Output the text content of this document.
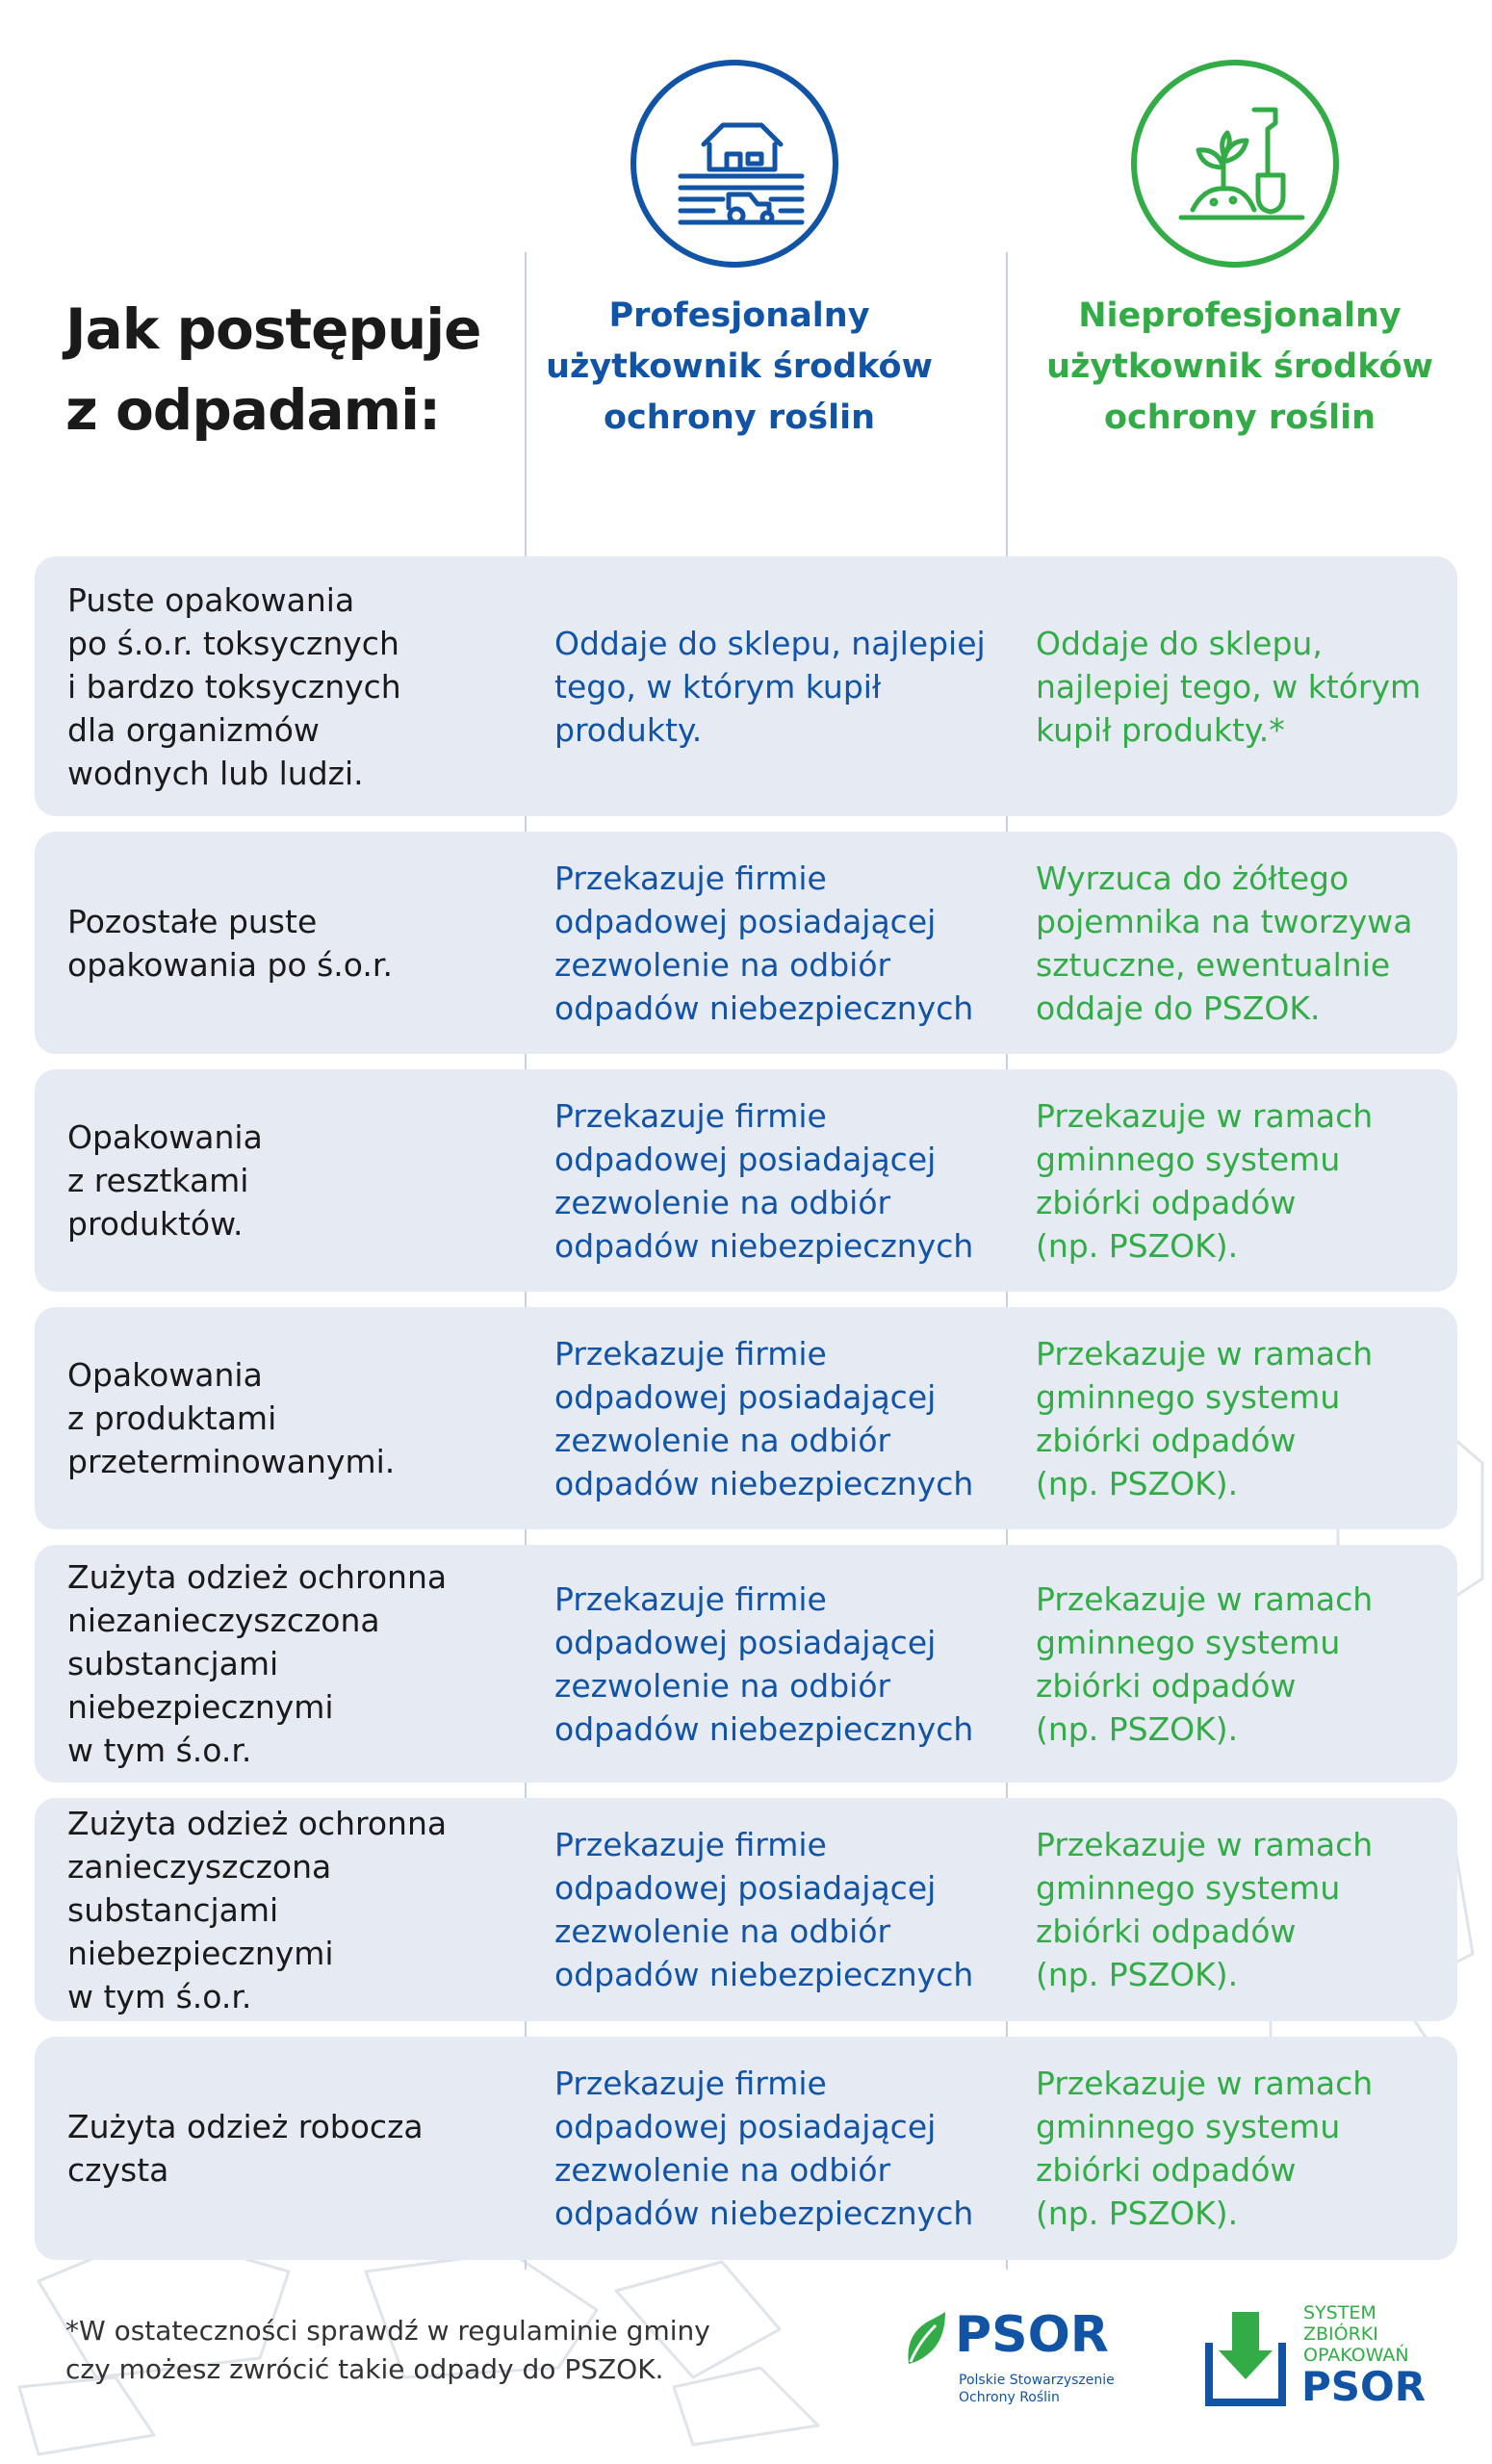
Jak postępuje
z odpadami:
Profesjonalny
użytkownik środków
ochrony roślin
Nieprofesjonalny
użytkownik środków
ochrony roślin
Puste opakowania
po ś.o.r. toksycznych
i bardzo toksycznych
dla organizmów
wodnych lub ludzi.
Oddaje do sklepu, najlepiej
tego, w którym kupił
produkty.
Oddaje do sklepu,
najlepiej tego, w którym
kupił produkty.*
Pozostałe puste
opakowania po ś.o.r.
Przekazuje firmie
odpadowej posiadającej
zezwolenie na odbiór
odpadów niebezpiecznych
Wyrzuca do żółtego
pojemnika na tworzywa
sztuczne, ewentualnie
oddaje do PSZOK.
Opakowania
z resztkami
produktów.
Przekazuje firmie
odpadowej posiadającej
zezwolenie na odbiór
odpadów niebezpiecznych
Przekazuje w ramach
gminnego systemu
zbiórki odpadów
(np. PSZOK).
Opakowania
z produktami
przeterminowanymi.
Przekazuje firmie
odpadowej posiadającej
zezwolenie na odbiór
odpadów niebezpiecznych
Przekazuje w ramach
gminnego systemu
zbiórki odpadów
(np. PSZOK).
Zużyta odzież ochronna
niezanieczyszczona
substancjami
niebezpiecznymi
w tym ś.o.r.
Przekazuje firmie
odpadowej posiadającej
zezwolenie na odbiór
odpadów niebezpiecznych
Przekazuje w ramach
gminnego systemu
zbiórki odpadów
(np. PSZOK).
Zużyta odzież ochronna
zanieczyszczona
substancjami
niebezpiecznymi
w tym ś.o.r.
Przekazuje firmie
odpadowej posiadającej
zezwolenie na odbiór
odpadów niebezpiecznych
Przekazuje w ramach
gminnego systemu
zbiórki odpadów
(np. PSZOK).
Zużyta odzież robocza
czysta
Przekazuje firmie
odpadowej posiadającej
zezwolenie na odbiór
odpadów niebezpiecznych
Przekazuje w ramach
gminnego systemu
zbiórki odpadów
(np. PSZOK).

*W ostateczności sprawdź w regulaminie gminy
czy możesz zwrócić takie odpady do PSZOK.

PSOR
Polskie Stowarzyszenie
Ochrony Roślin
SYSTEM
ZBIÓRKI
OPAKOWAŃ
PSOR
